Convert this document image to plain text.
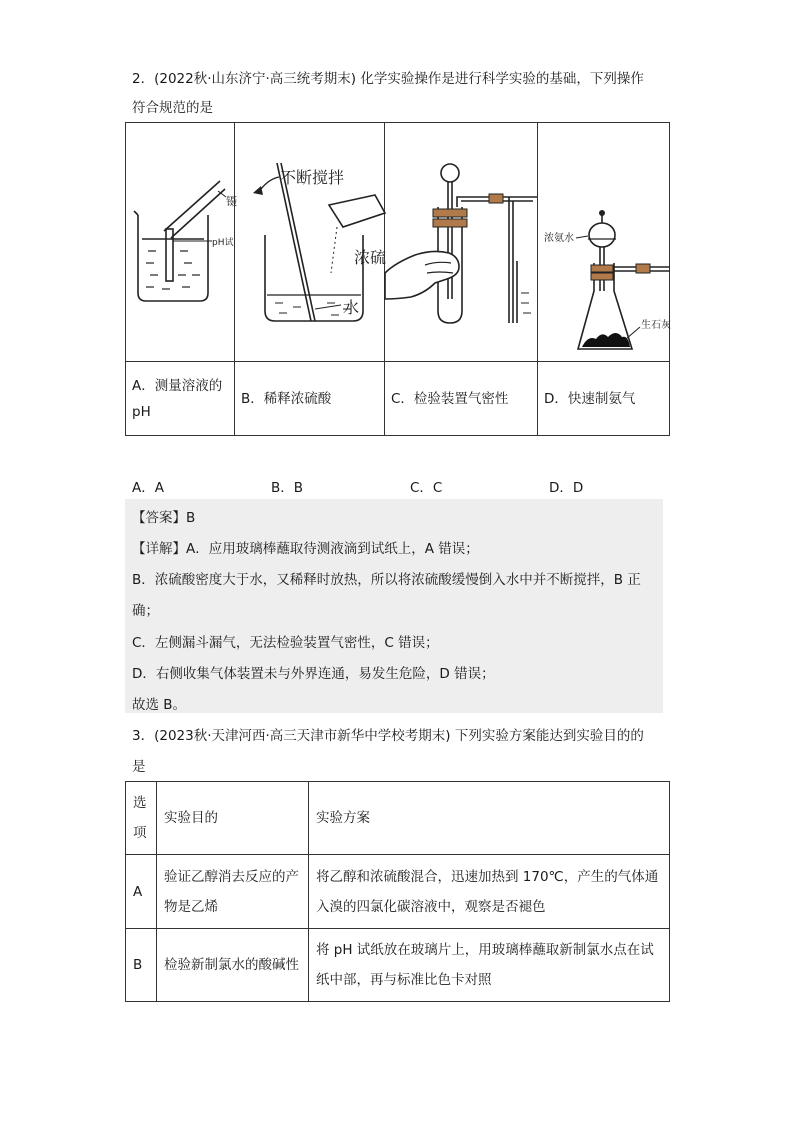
2．(2022秋·山东济宁·高三统考期末) 化学实验操作是进行科学实验的基础，下列操作
符合规范的是
镊
pH试	不断搅拌
浓硫
水		浓氨水
生石灰

A．测量溶液的pH	B．稀释浓硫酸	C．检验装置气密性	D．快速制氨气
A．A	B．B	C．C	D．D
【答案】B
【详解】A．应用玻璃棒蘸取待测液滴到试纸上，A 错误；
B．浓硫酸密度大于水，又稀释时放热，所以将浓硫酸缓慢倒入水中并不断搅拌，B 正
确；
C．左侧漏斗漏气，无法检验装置气密性，C 错误；
D．右侧收集气体装置未与外界连通，易发生危险，D 错误；
故选 B。
3．(2023秋·天津河西·高三天津市新华中学校考期末) 下列实验方案能达到实验目的的
是
选项	实验目的	实验方案
A	验证乙醇消去反应的产物是乙烯	将乙醇和浓硫酸混合，迅速加热到 170℃，产生的气体通入溴的四氯化碳溶液中，观察是否褪色
B	检验新制氯水的酸碱性	将 pH 试纸放在玻璃片上，用玻璃棒蘸取新制氯水点在试纸中部，再与标准比色卡对照
